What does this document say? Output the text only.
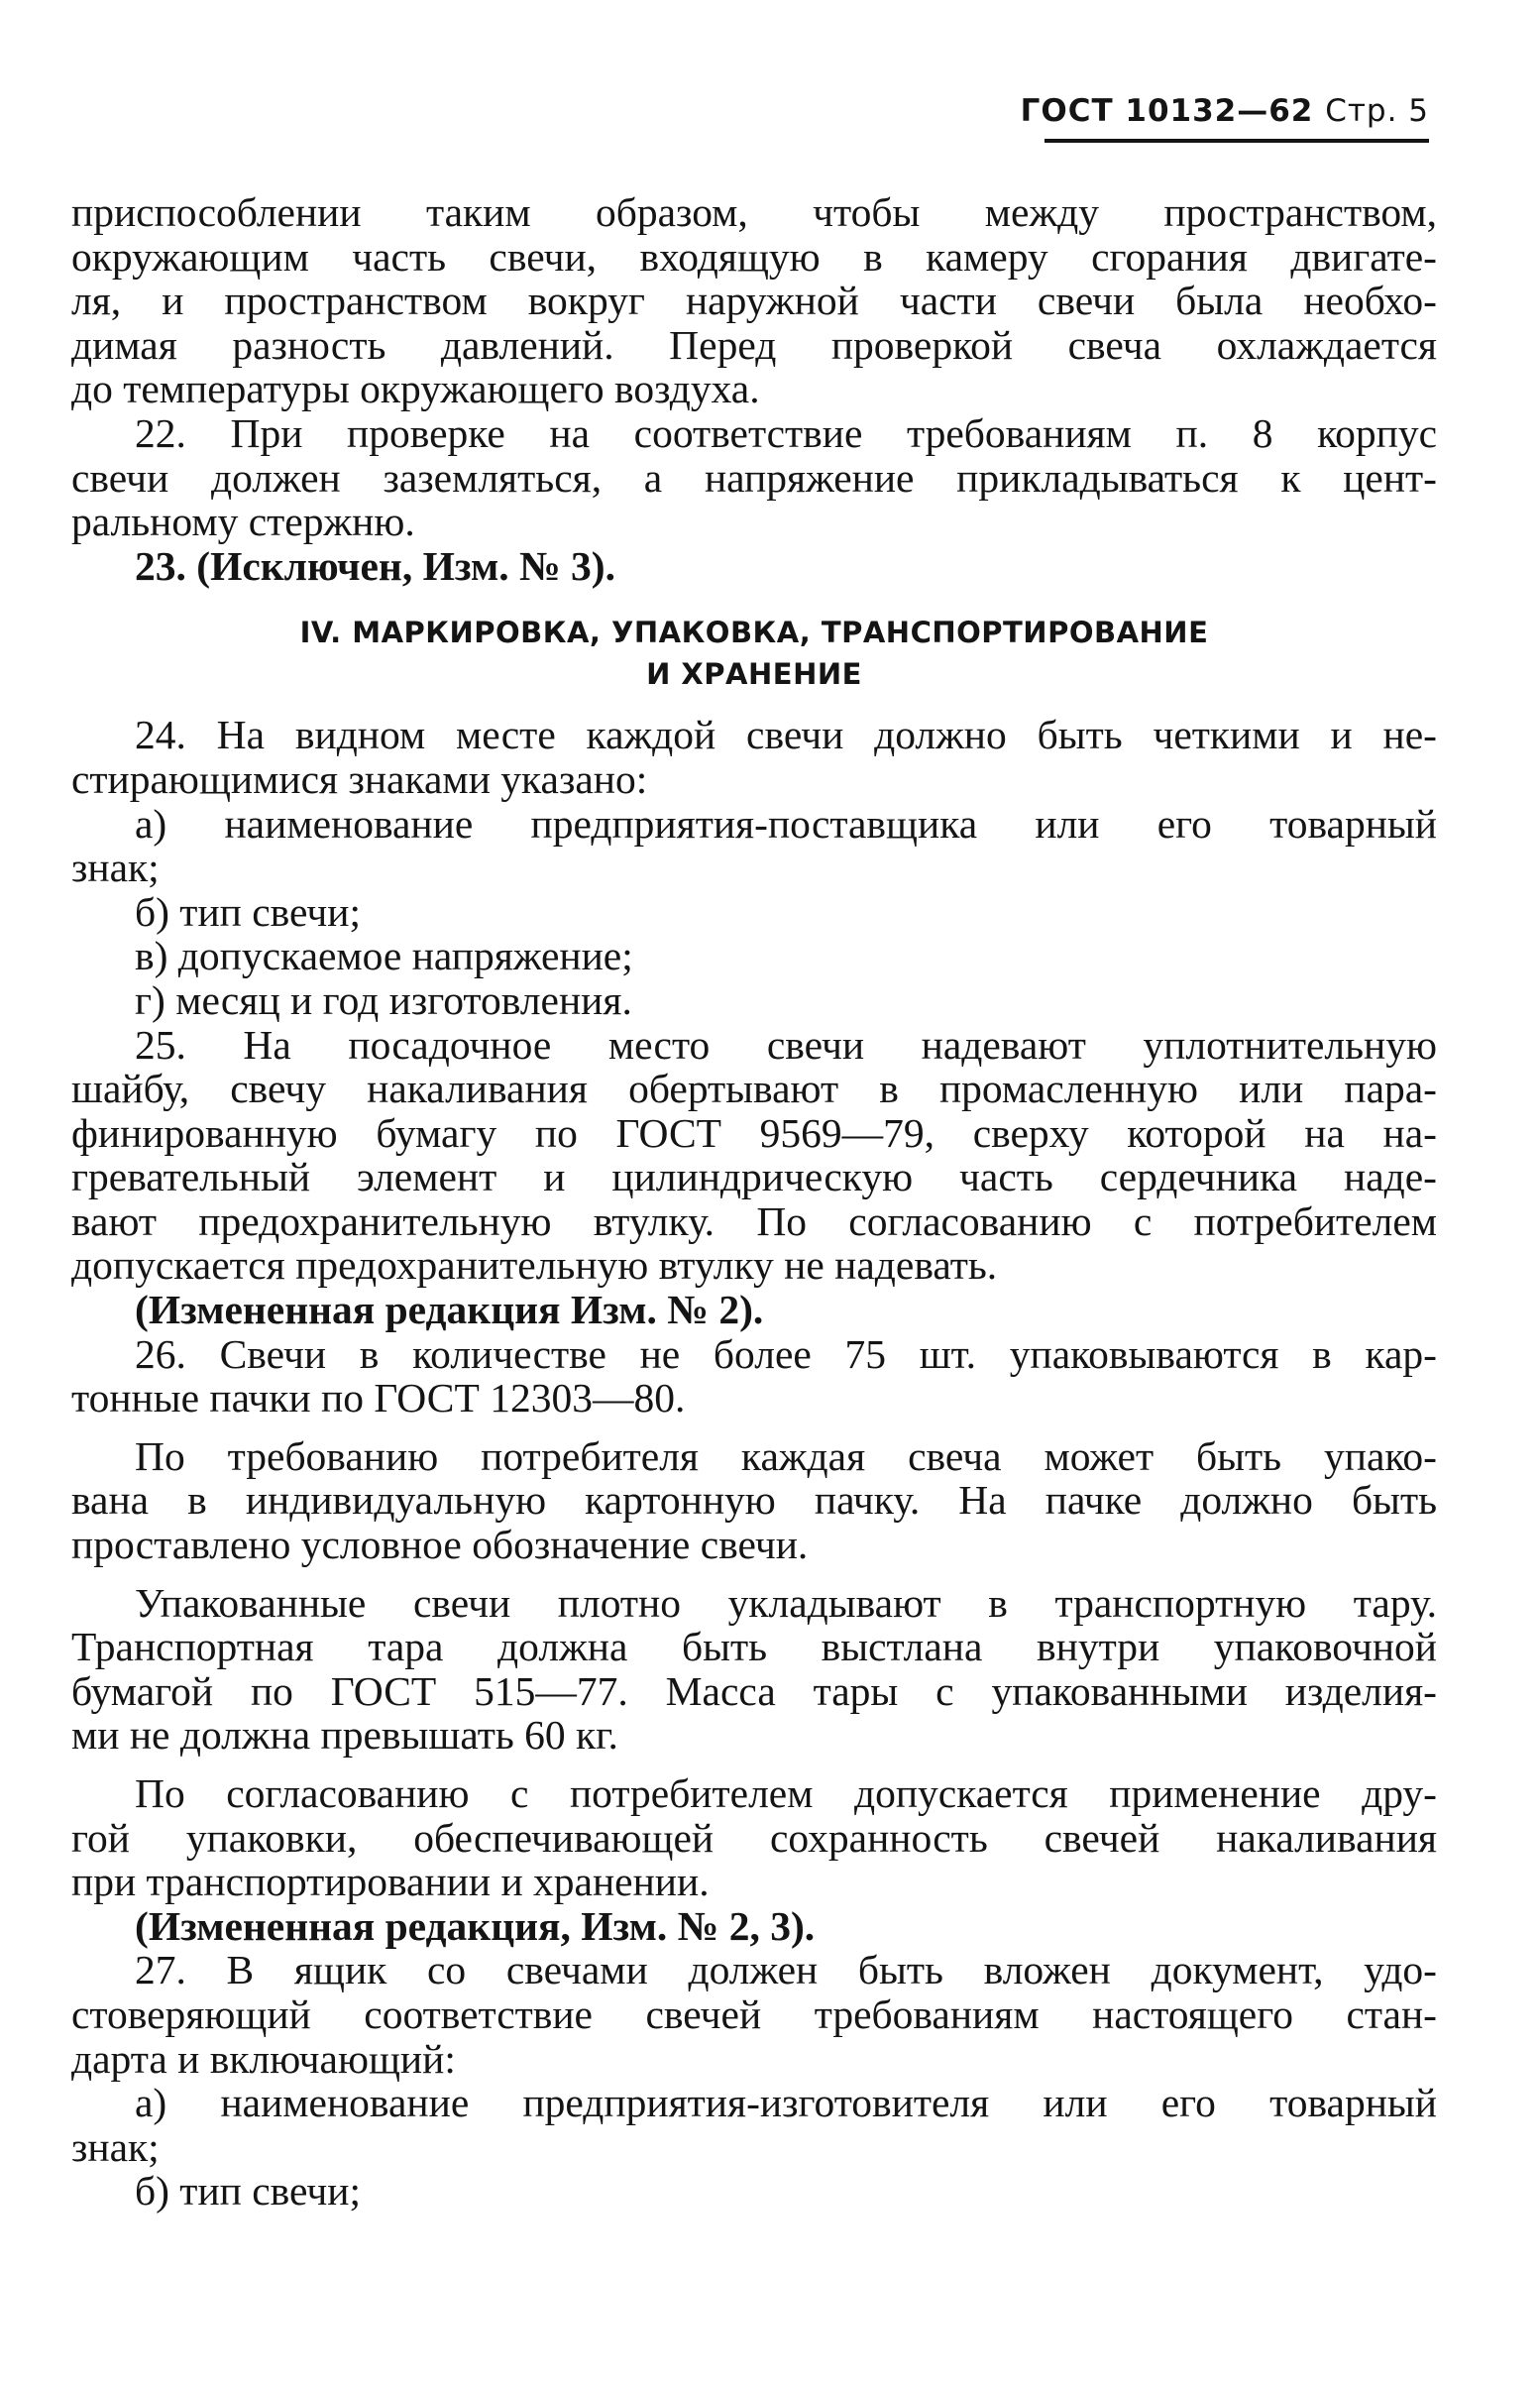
ГОСТ 10132—62 Стр. 5

приспособлении таким образом, чтобы между пространством,

окружающим часть свечи, входящую в камеру сгорания двигате-

ля, и пространством вокруг наружной части свечи была необхо-

димая разность давлений. Перед проверкой свеча охлаждается

до температуры окружающего воздуха.

22. При проверке на соответствие требованиям п. 8 корпус

свечи должен заземляться, а напряжение прикладываться к цент-

ральному стержню.

23. (Исключен, Изм. № 3).

IV. МАРКИРОВКА, УПАКОВКА, ТРАНСПОРТИРОВАНИЕ

И ХРАНЕНИЕ

24. На видном месте каждой свечи должно быть четкими и не-

стирающимися знаками указано:

а) наименование предприятия-поставщика или его товарный

знак;

б) тип свечи;

в) допускаемое напряжение;

г) месяц и год изготовления.

25. На посадочное место свечи надевают уплотнительную

шайбу, свечу накаливания обертывают в промасленную или пара-

финированную бумагу по ГОСТ 9569—79, сверху которой на на-

гревательный элемент и цилиндрическую часть сердечника наде-

вают предохранительную втулку. По согласованию с потребителем

допускается предохранительную втулку не надевать.

(Измененная редакция Изм. № 2).

26. Свечи в количестве не более 75 шт. упаковываются в кар-

тонные пачки по ГОСТ 12303—80.

По требованию потребителя каждая свеча может быть упако-

вана в индивидуальную картонную пачку. На пачке должно быть

проставлено условное обозначение свечи.

Упакованные свечи плотно укладывают в транспортную тару.

Транспортная тара должна быть выстлана внутри упаковочной

бумагой по ГОСТ 515—77. Масса тары с упакованными изделия-

ми не должна превышать 60 кг.

По согласованию с потребителем допускается применение дру-

гой упаковки, обеспечивающей сохранность свечей накаливания

при транспортировании и хранении.

(Измененная редакция, Изм. № 2, 3).

27. В ящик со свечами должен быть вложен документ, удо-

стоверяющий соответствие свечей требованиям настоящего стан-

дарта и включающий:

а) наименование предприятия-изготовителя или его товарный

знак;

б) тип свечи;
